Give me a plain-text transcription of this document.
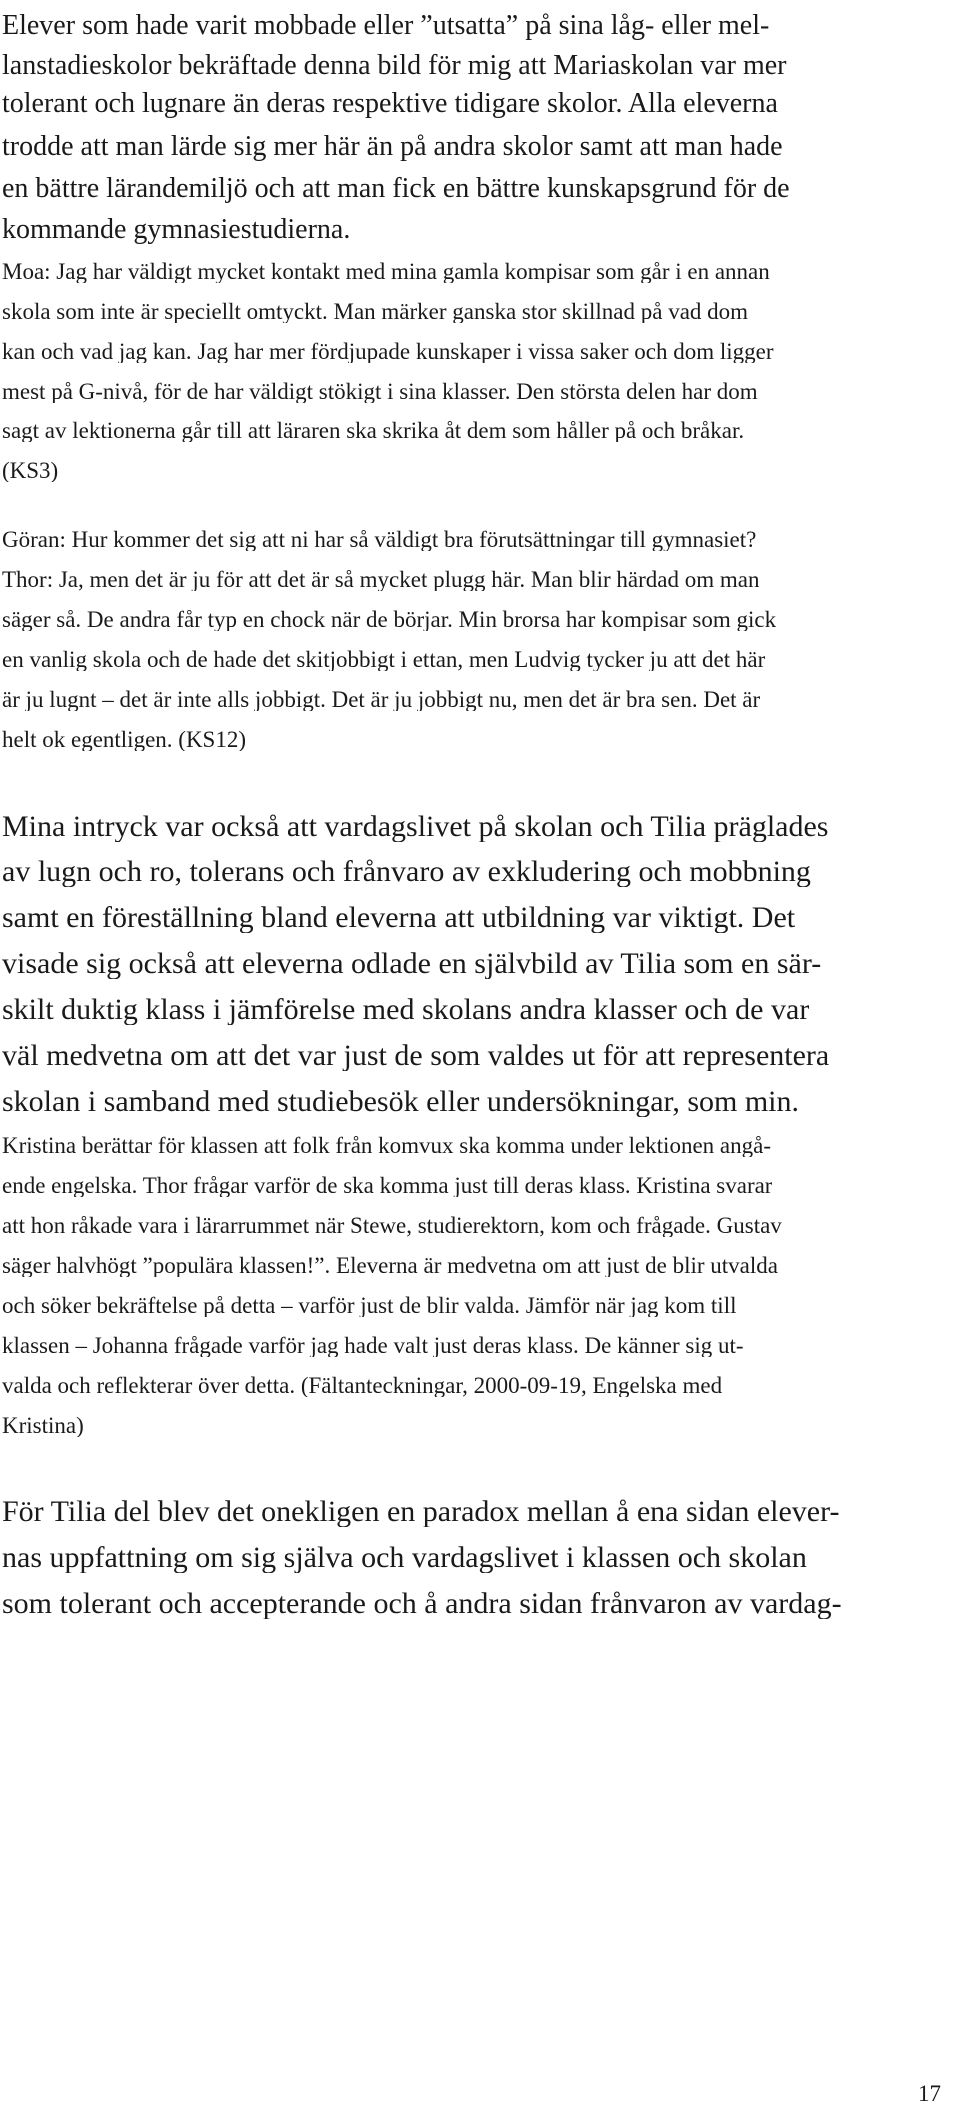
Elever som hade varit mobbade eller ”utsatta” på sina låg- eller mel-
lanstadieskolor bekräftade denna bild för mig att Mariaskolan var mer
tolerant och lugnare än deras respektive tidigare skolor. Alla eleverna
trodde att man lärde sig mer här än på andra skolor samt att man hade
en bättre lärandemiljö och att man fick en bättre kunskapsgrund för de
kommande gymnasiestudierna.
Moa: Jag har väldigt mycket kontakt med mina gamla kompisar som går i en annan
skola som inte är speciellt omtyckt. Man märker ganska stor skillnad på vad dom
kan och vad jag kan. Jag har mer fördjupade kunskaper i vissa saker och dom ligger
mest på G-nivå, för de har väldigt stökigt i sina klasser. Den största delen har dom
sagt av lektionerna går till att läraren ska skrika åt dem som håller på och bråkar.
(KS3)
Göran: Hur kommer det sig att ni har så väldigt bra förutsättningar till gymnasiet?
Thor: Ja, men det är ju för att det är så mycket plugg här. Man blir härdad om man
säger så. De andra får typ en chock när de börjar. Min brorsa har kompisar som gick
en vanlig skola och de hade det skitjobbigt i ettan, men Ludvig tycker ju att det här
är ju lugnt – det är inte alls jobbigt. Det är ju jobbigt nu, men det är bra sen. Det är
helt ok egentligen. (KS12)
Mina intryck var också att vardagslivet på skolan och Tilia präglades
av lugn och ro, tolerans och frånvaro av exkludering och mobbning
samt en föreställning bland eleverna att utbildning var viktigt. Det
visade sig också att eleverna odlade en självbild av Tilia som en sär-
skilt duktig klass i jämförelse med skolans andra klasser och de var
väl medvetna om att det var just de som valdes ut för att representera
skolan i samband med studiebesök eller undersökningar, som min.
Kristina berättar för klassen att folk från komvux ska komma under lektionen angå-
ende engelska. Thor frågar varför de ska komma just till deras klass. Kristina svarar
att hon råkade vara i lärarrummet när Stewe, studierektorn, kom och frågade. Gustav
säger halvhögt ”populära klassen!”. Eleverna är medvetna om att just de blir utvalda
och söker bekräftelse på detta – varför just de blir valda. Jämför när jag kom till
klassen – Johanna frågade varför jag hade valt just deras klass. De känner sig ut-
valda och reflekterar över detta. (Fältanteckningar, 2000-09-19, Engelska med
Kristina)
För Tilia del blev det onekligen en paradox mellan å ena sidan elever-
nas uppfattning om sig själva och vardagslivet i klassen och skolan
som tolerant och accepterande och å andra sidan frånvaron av vardag-
17
